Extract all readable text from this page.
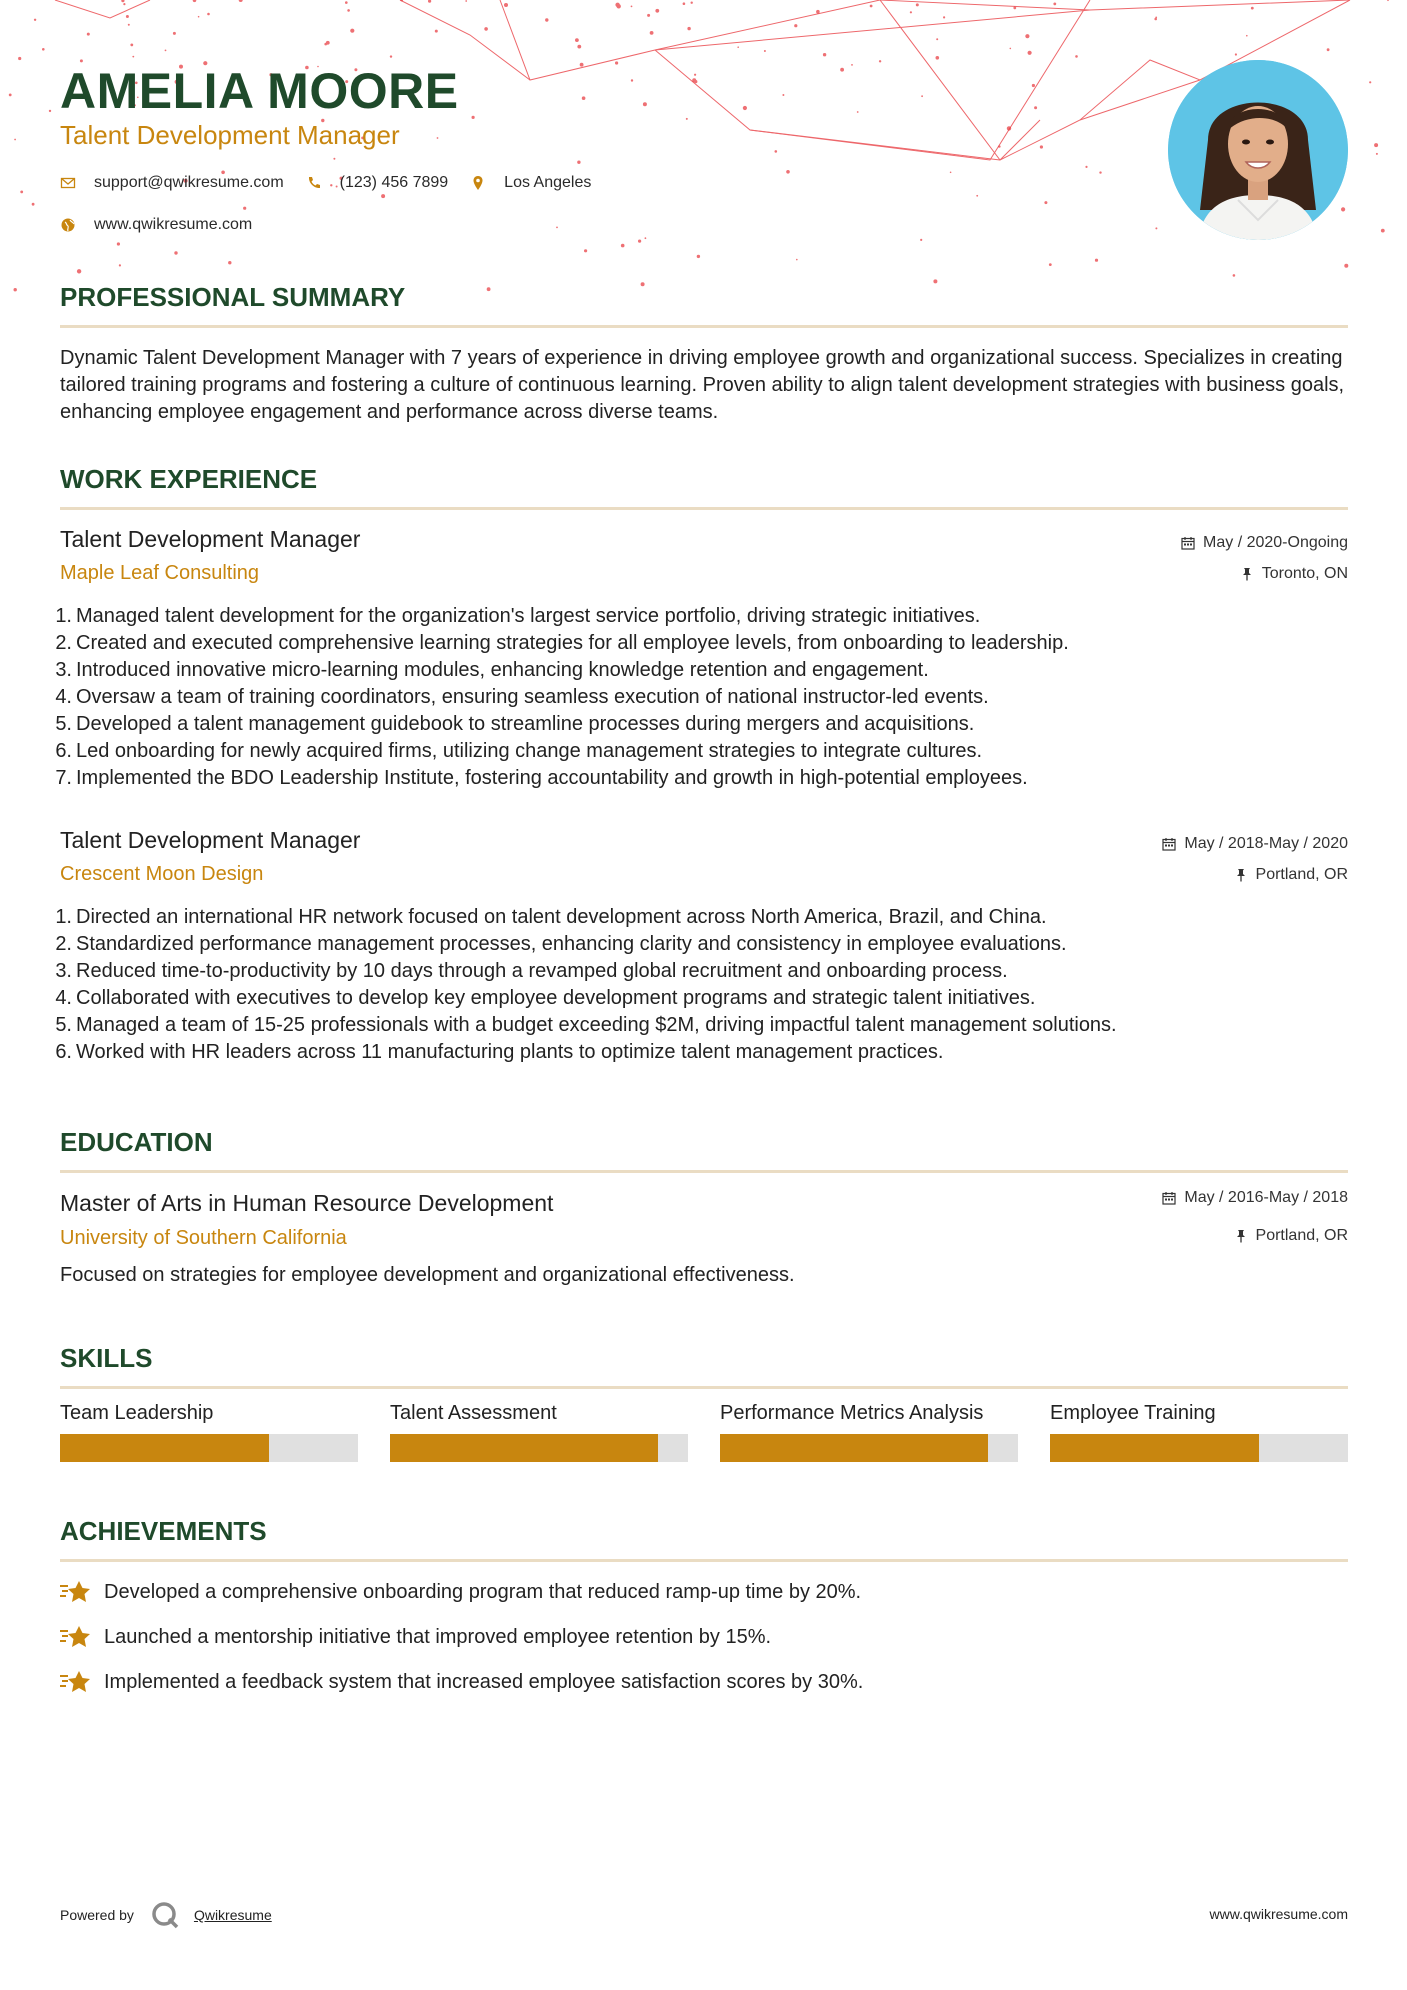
AMELIA MOORE
Talent Development Manager
support@qwikresume.com	(123) 456 7899	Los Angeles
www.qwikresume.com
PROFESSIONAL SUMMARY
Dynamic Talent Development Manager with 7 years of experience in driving employee growth and organizational success. Specializes in creating tailored training programs and fostering a culture of continuous learning. Proven ability to align talent development strategies with business goals, enhancing employee engagement and performance across diverse teams.
WORK EXPERIENCE
Talent Development Manager
Maple Leaf Consulting
May / 2020-Ongoing
Toronto, ON
1. Managed talent development for the organization's largest service portfolio, driving strategic initiatives.
2. Created and executed comprehensive learning strategies for all employee levels, from onboarding to leadership.
3. Introduced innovative micro-learning modules, enhancing knowledge retention and engagement.
4. Oversaw a team of training coordinators, ensuring seamless execution of national instructor-led events.
5. Developed a talent management guidebook to streamline processes during mergers and acquisitions.
6. Led onboarding for newly acquired firms, utilizing change management strategies to integrate cultures.
7. Implemented the BDO Leadership Institute, fostering accountability and growth in high-potential employees.
Talent Development Manager
Crescent Moon Design
May / 2018-May / 2020
Portland, OR
1. Directed an international HR network focused on talent development across North America, Brazil, and China.
2. Standardized performance management processes, enhancing clarity and consistency in employee evaluations.
3. Reduced time-to-productivity by 10 days through a revamped global recruitment and onboarding process.
4. Collaborated with executives to develop key employee development programs and strategic talent initiatives.
5. Managed a team of 15-25 professionals with a budget exceeding $2M, driving impactful talent management solutions.
6. Worked with HR leaders across 11 manufacturing plants to optimize talent management practices.
EDUCATION
Master of Arts in Human Resource Development
University of Southern California
May / 2016-May / 2018
Portland, OR
Focused on strategies for employee development and organizational effectiveness.
SKILLS
Team Leadership	Talent Assessment	Performance Metrics Analysis	Employee Training
ACHIEVEMENTS
Developed a comprehensive onboarding program that reduced ramp-up time by 20%.
Launched a mentorship initiative that improved employee retention by 15%.
Implemented a feedback system that increased employee satisfaction scores by 30%.
Powered by	Qwikresume	www.qwikresume.com
